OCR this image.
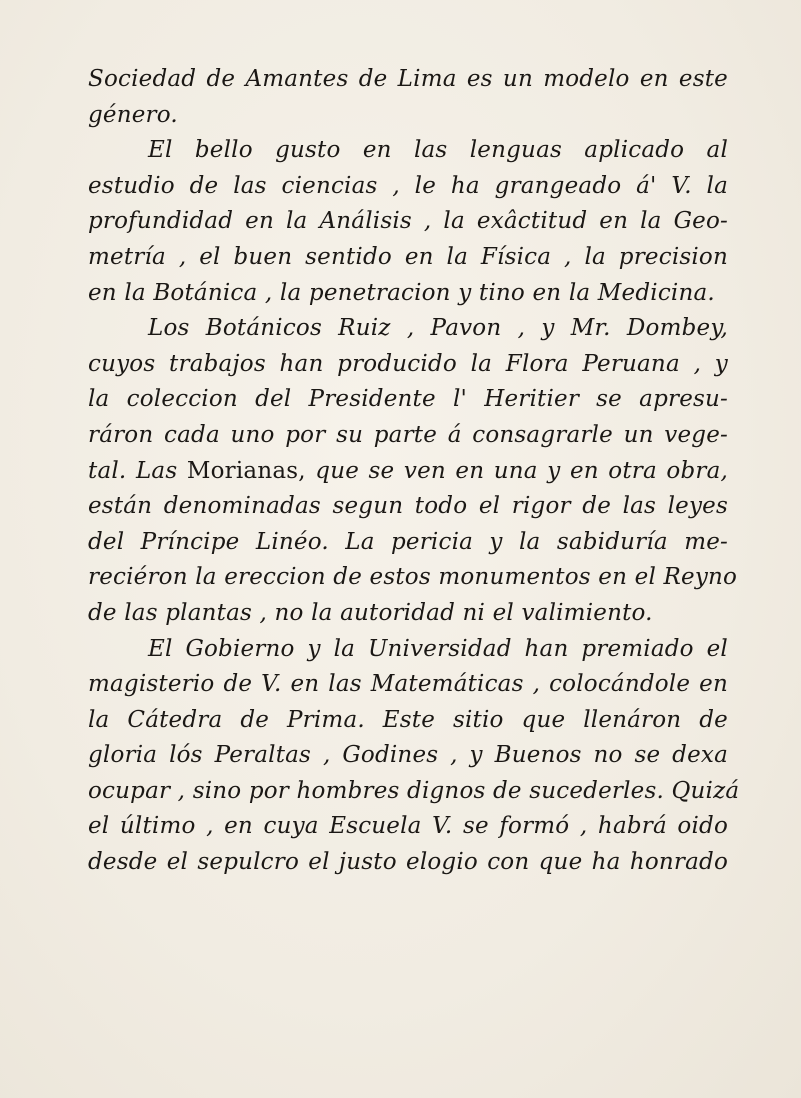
Sociedad de Amantes de Lima es un modelo en este
género.
El bello gusto en las lenguas aplicado al
estudio de las ciencias , le ha grangeado á' V. la
profundidad en la Análisis , la exâctitud en la Geo-
metría , el buen sentido en la Física , la precision
en la Botánica , la penetracion y tino en la Medicina.
Los Botánicos Ruiz , Pavon , y Mr. Dombey,
cuyos trabajos han producido la Flora Peruana , y
la coleccion del Presidente l' Heritier se apresu-
ráron cada uno por su parte á consagrarle un vege-
tal. Las Morianas, que se ven en una y en otra obra,
están denominadas segun todo el rigor de las leyes
del Príncipe Linéo. La pericia y la sabiduría me-
reciéron la ereccion de estos monumentos en el Reyno
de las plantas , no la autoridad ni el valimiento.
El Gobierno y la Universidad han premiado el
magisterio de V. en las Matemáticas , colocándole en
la Cátedra de Prima. Este sitio que llenáron de
gloria lós Peraltas , Godines , y Buenos no se dexa
ocupar , sino por hombres dignos de sucederles. Quizá
el último , en cuya Escuela V. se formó , habrá oido
desde el sepulcro el justo elogio con que ha honrado
